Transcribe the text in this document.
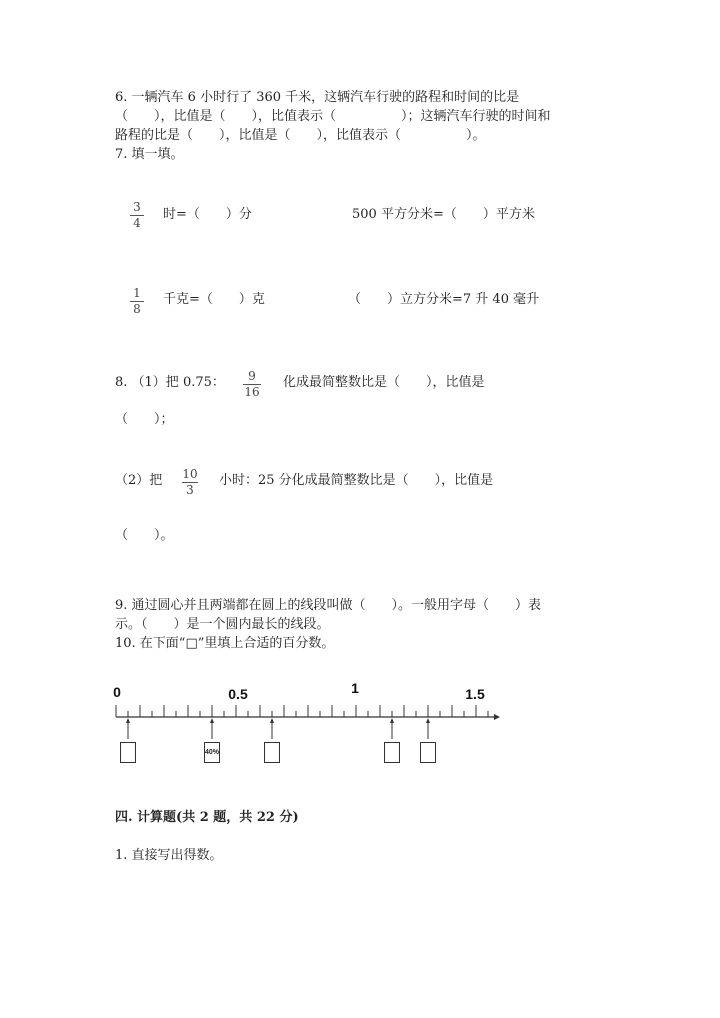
6. 一辆汽车 6 小时行了 360 千米，这辆汽车行驶的路程和时间的比是
（　　），比值是（　　），比值表示（　　　　　）；这辆汽车行驶的时间和
路程的比是（　　），比值是（　　），比值表示（　　　　　）。
7. 填一填。
3
4
时=（　　）分	500 平方分米=（　　）平方米
1
8
千克=（　　）克	（　　）立方分米=7 升 40 毫升
8. （1）把 0.75： 9
16
化成最简整数比是（　　），比值是
（　　）；
（2）把 10
3
小时：25 分化成最简整数比是（　　），比值是
（　　）。
9. 通过圆心并且两端都在圆上的线段叫做（　　）。一般用字母（　　）表
示。（　　）是一个圆内最长的线段。
10. 在下面“□”里填上合适的百分数。
0	0.5	1	1.5
四. 计算题(共 2 题，共 22 分)
1. 直接写出得数。
40%
